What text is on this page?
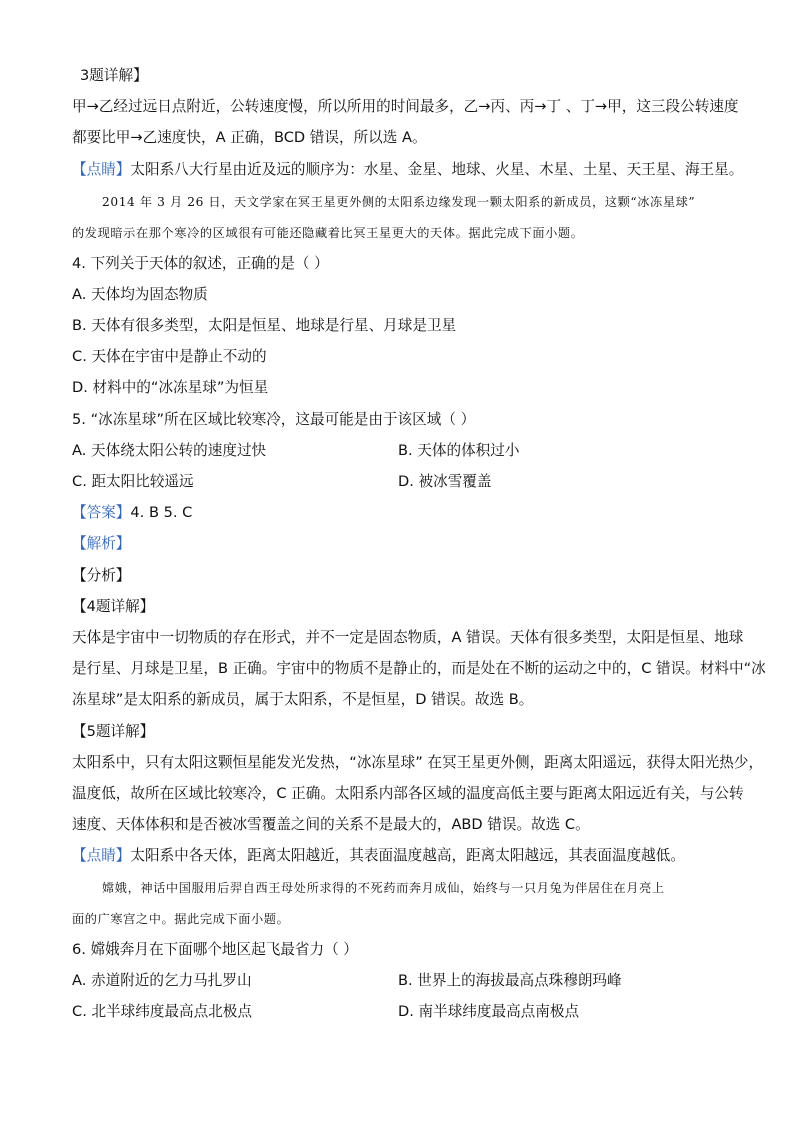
3题详解】
甲→乙经过远日点附近，公转速度慢，所以所用的时间最多，乙→丙、丙→丁 、丁→甲，这三段公转速度
都要比甲→乙速度快，A 正确，BCD 错误，所以选 A。
【点睛】太阳系八大行星由近及远的顺序为：水星、金星、地球、火星、木星、土星、天王星、海王星。
2014 年 3 月 26 日，天文学家在冥王星更外侧的太阳系边缘发现一颗太阳系的新成员，这颗“冰冻星球”
的发现暗示在那个寒冷的区域很有可能还隐藏着比冥王星更大的天体。据此完成下面小题。
4. 下列关于天体的叙述，正确的是（ ）
A. 天体均为固态物质
B. 天体有很多类型，太阳是恒星、地球是行星、月球是卫星
C. 天体在宇宙中是静止不动的
D. 材料中的“冰冻星球”为恒星
5. “冰冻星球”所在区域比较寒冷，这最可能是由于该区域（ ）
A. 天体绕太阳公转的速度过快	B. 天体的体积过小
C. 距太阳比较遥远	D. 被冰雪覆盖
【答案】4. B 5. C
【解析】
【分析】
【4题详解】
天体是宇宙中一切物质的存在形式，并不一定是固态物质，A 错误。天体有很多类型，太阳是恒星、地球
是行星、月球是卫星，B 正确。宇宙中的物质不是静止的，而是处在不断的运动之中的，C 错误。材料中“冰
冻星球”是太阳系的新成员，属于太阳系，不是恒星，D 错误。故选 B。
【5题详解】
太阳系中，只有太阳这颗恒星能发光发热，“冰冻星球” 在冥王星更外侧，距离太阳遥远，获得太阳光热少，
温度低，故所在区域比较寒冷，C 正确。太阳系内部各区域的温度高低主要与距离太阳远近有关，与公转
速度、天体体积和是否被冰雪覆盖之间的关系不是最大的，ABD 错误。故选 C。
【点睛】太阳系中各天体，距离太阳越近，其表面温度越高，距离太阳越远，其表面温度越低。
嫦娥，神话中国服用后羿自西王母处所求得的不死药而奔月成仙，始终与一只月兔为伴居住在月亮上
面的广寒宫之中。据此完成下面小题。
6. 嫦娥奔月在下面哪个地区起飞最省力（ ）
A. 赤道附近的乞力马扎罗山	B. 世界上的海拔最高点珠穆朗玛峰
C. 北半球纬度最高点北极点	D. 南半球纬度最高点南极点
